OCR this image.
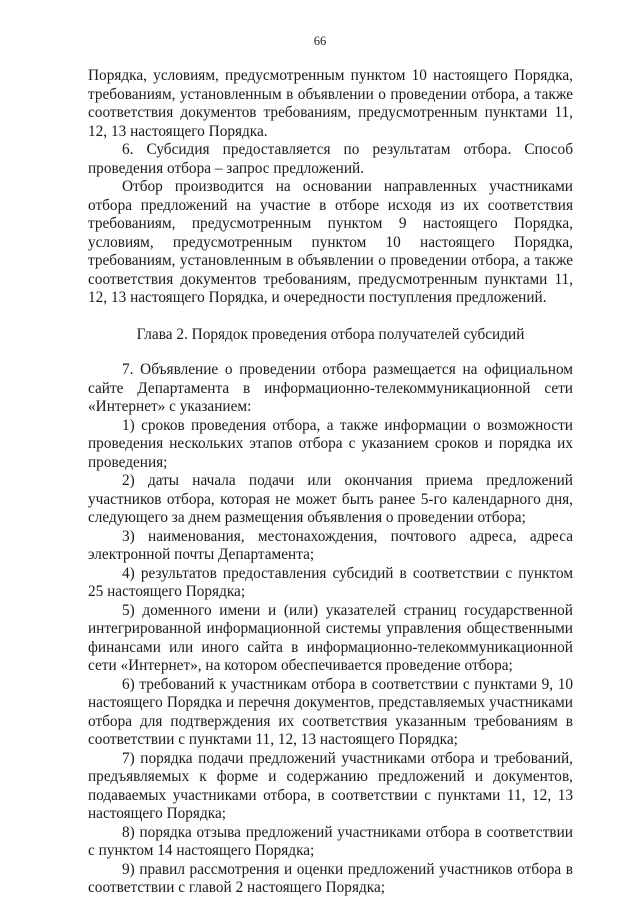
66

Порядка, условиям, предусмотренным пунктом 10 настоящего Порядка, требованиям, установленным в объявлении о проведении отбора, а также соответствия документов требованиям, предусмотренным пунктами 11, 12, 13 настоящего Порядка.

6. Субсидия предоставляется по результатам отбора. Способ проведения отбора – запрос предложений.

Отбор производится на основании направленных участниками отбора предложений на участие в отборе исходя из их соответствия требованиям, предусмотренным пунктом 9 настоящего Порядка, условиям, предусмотренным пунктом 10 настоящего Порядка, требованиям, установленным в объявлении о проведении отбора, а также соответствия документов требованиям, предусмотренным пунктами 11, 12, 13 настоящего Порядка, и очередности поступления предложений.

Глава 2. Порядок проведения отбора получателей субсидий

7. Объявление о проведении отбора размещается на официальном сайте Департамента в информационно-телекоммуникационной сети «Интернет» с указанием:

1) сроков проведения отбора, а также информации о возможности проведения нескольких этапов отбора с указанием сроков и порядка их проведения;

2) даты начала подачи или окончания приема предложений участников отбора, которая не может быть ранее 5-го календарного дня, следующего за днем размещения объявления о проведении отбора;

3) наименования, местонахождения, почтового адреса, адреса электронной почты Департамента;

4) результатов предоставления субсидий в соответствии с пунктом 25 настоящего Порядка;

5) доменного имени и (или) указателей страниц государственной интегрированной информационной системы управления общественными финансами или иного сайта в информационно-телекоммуникационной сети «Интернет», на котором обеспечивается проведение отбора;

6) требований к участникам отбора в соответствии с пунктами 9, 10 настоящего Порядка и перечня документов, представляемых участниками отбора для подтверждения их соответствия указанным требованиям в соответствии с пунктами 11, 12, 13 настоящего Порядка;

7) порядка подачи предложений участниками отбора и требований, предъявляемых к форме и содержанию предложений и документов, подаваемых участниками отбора, в соответствии с пунктами 11, 12, 13 настоящего Порядка;

8) порядка отзыва предложений участниками отбора в соответствии с пунктом 14 настоящего Порядка;

9) правил рассмотрения и оценки предложений участников отбора в соответствии с главой 2 настоящего Порядка;
